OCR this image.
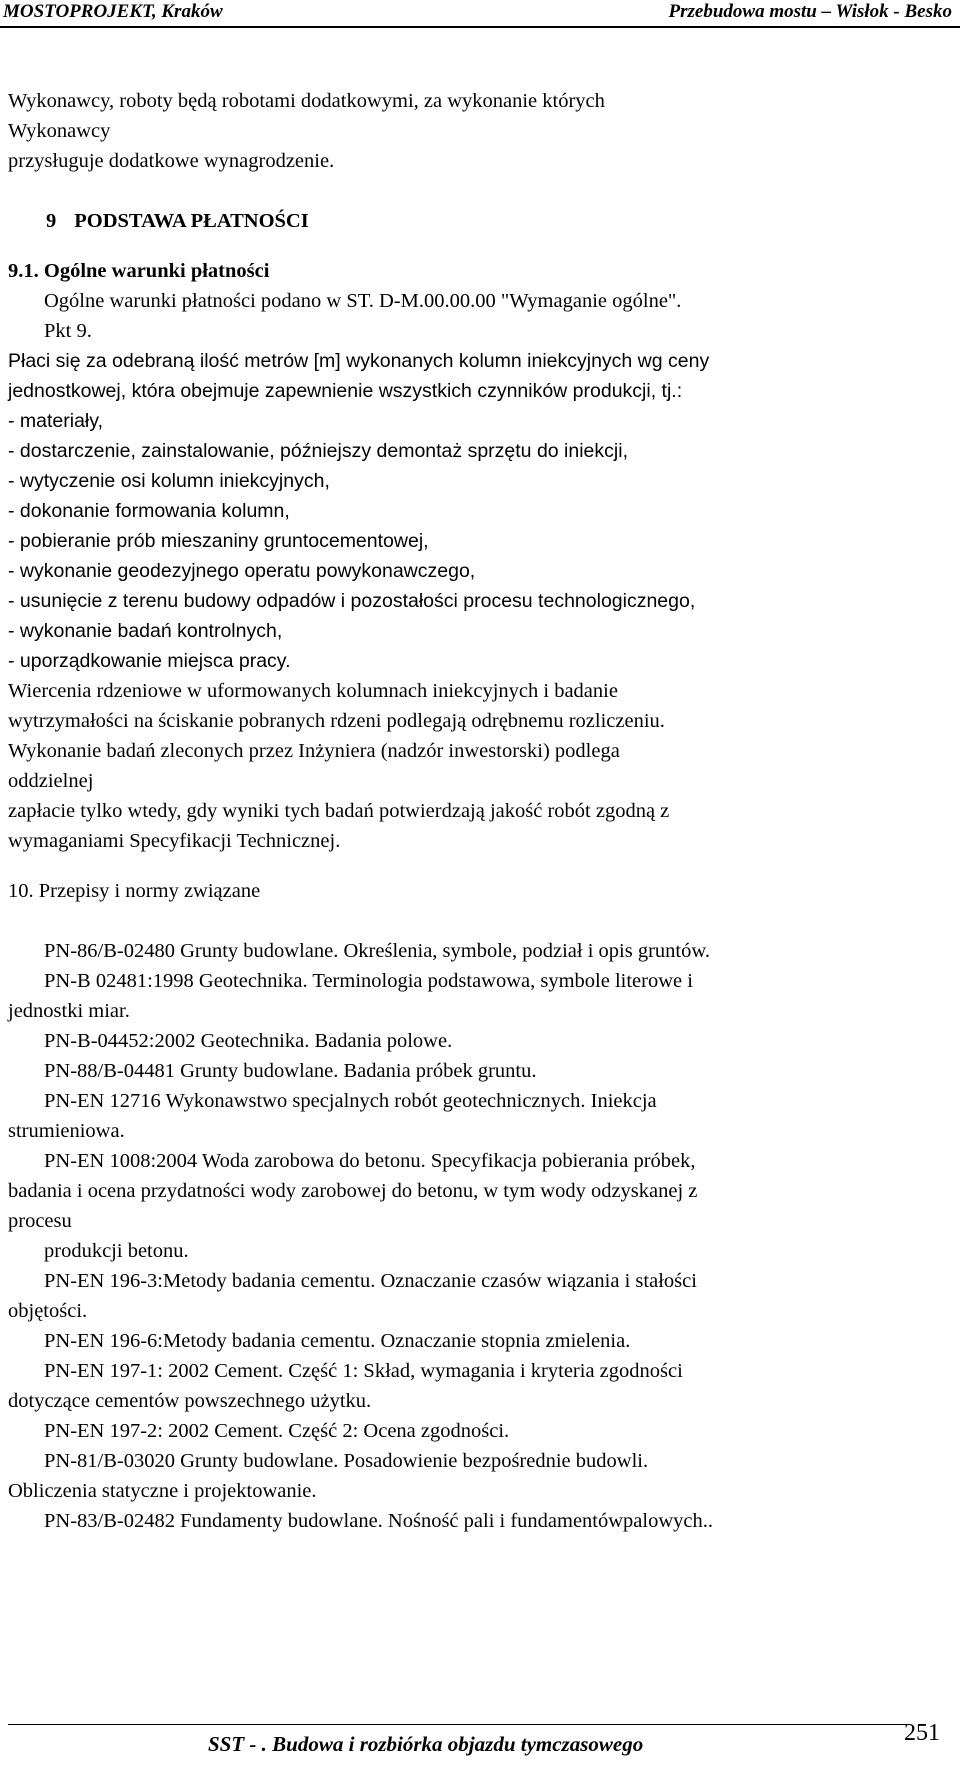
MOSTOPROJEKT, Kraków	Przebudowa mostu – Wisłok - Besko
Wykonawcy, roboty będą robotami dodatkowymi, za wykonanie których
Wykonawcy
przysługuje dodatkowe wynagrodzenie.
9 PODSTAWA PŁATNOŚCI
9.1. Ogólne warunki płatności
Ogólne warunki płatności podano w ST. D-M.00.00.00 "Wymaganie ogólne".
Pkt 9.
Płaci się za odebraną ilość metrów [m] wykonanych kolumn iniekcyjnych wg ceny
jednostkowej, która obejmuje zapewnienie wszystkich czynników produkcji, tj.:
- materiały,
- dostarczenie, zainstalowanie, późniejszy demontaż sprzętu do iniekcji,
- wytyczenie osi kolumn iniekcyjnych,
- dokonanie formowania kolumn,
- pobieranie prób mieszaniny gruntocementowej,
- wykonanie geodezyjnego operatu powykonawczego,
- usunięcie z terenu budowy odpadów i pozostałości procesu technologicznego,
- wykonanie badań kontrolnych,
- uporządkowanie miejsca pracy.
Wiercenia rdzeniowe w uformowanych kolumnach iniekcyjnych i badanie
wytrzymałości na ściskanie pobranych rdzeni podlegają odrębnemu rozliczeniu.
Wykonanie badań zleconych przez Inżyniera (nadzór inwestorski) podlega
oddzielnej
zapłacie tylko wtedy, gdy wyniki tych badań potwierdzają jakość robót zgodną z
wymaganiami Specyfikacji Technicznej.
10. Przepisy i normy związane
PN-86/B-02480 Grunty budowlane. Określenia, symbole, podział i opis gruntów.
PN-B 02481:1998 Geotechnika. Terminologia podstawowa, symbole literowe i
jednostki miar.
PN-B-04452:2002 Geotechnika. Badania polowe.
PN-88/B-04481 Grunty budowlane. Badania próbek gruntu.
PN-EN 12716 Wykonawstwo specjalnych robót geotechnicznych. Iniekcja
strumieniowa.
PN-EN 1008:2004 Woda zarobowa do betonu. Specyfikacja pobierania próbek,
badania i ocena przydatności wody zarobowej do betonu, w tym wody odzyskanej z
procesu
produkcji betonu.
PN-EN 196-3:Metody badania cementu. Oznaczanie czasów wiązania i stałości
objętości.
PN-EN 196-6:Metody badania cementu. Oznaczanie stopnia zmielenia.
PN-EN 197-1: 2002 Cement. Część 1: Skład, wymagania i kryteria zgodności
dotyczące cementów powszechnego użytku.
PN-EN 197-2: 2002 Cement. Część 2: Ocena zgodności.
PN-81/B-03020 Grunty budowlane. Posadowienie bezpośrednie budowli.
Obliczenia statyczne i projektowanie.
PN-83/B-02482 Fundamenty budowlane. Nośność pali i fundamentówpalowych..
SST - . Budowa i rozbiórka objazdu tymczasowego	251
